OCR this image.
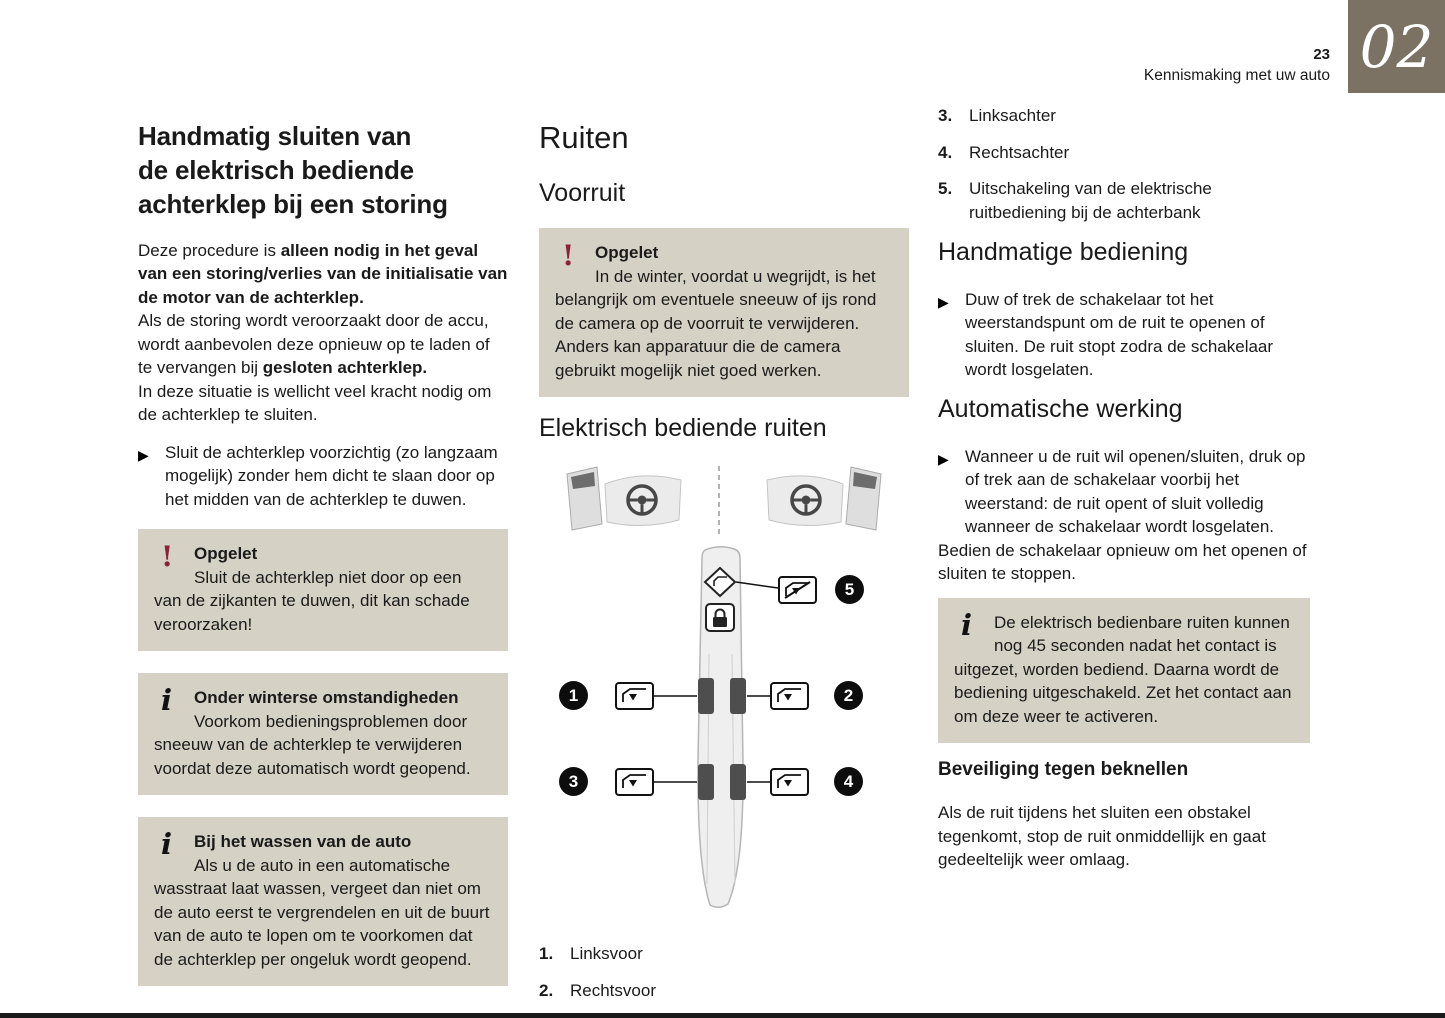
23
Kennismaking met uw auto 02
Handmatig sluiten van
de elektrisch bediende
achterklep bij een storing

Deze procedure is alleen nodig in het geval van een storing/verlies van de initialisatie van de motor van de achterklep.

Als de storing wordt veroorzaakt door de accu, wordt aanbevolen deze opnieuw op te laden of te vervangen bij gesloten achterklep.

In deze situatie is wellicht veel kracht nodig om de achterklep te sluiten.

▶ Sluit de achterklep voorzichtig (zo langzaam mogelijk) zonder hem dicht te slaan door op het midden van de achterklep te duwen.
!	Opgelet
Sluit de achterklep niet door op een van de zijkanten te duwen, dit kan schade veroorzaken!
i	Onder winterse omstandigheden
Voorkom bedieningsproblemen door sneeuw van de achterklep te verwijderen voordat deze automatisch wordt geopend.
i	Bij het wassen van de auto
Als u de auto in een automatische wasstraat laat wassen, vergeet dan niet om de auto eerst te vergrendelen en uit de buurt van de auto te lopen om te voorkomen dat de achterklep per ongeluk wordt geopend.
Ruiten
Voorruit
!	Opgelet
In de winter, voordat u wegrijdt, is het belangrijk om eventuele sneeuw of ijs rond de camera op de voorruit te verwijderen. Anders kan apparatuur die de camera gebruikt mogelijk niet goed werken.
Elektrisch bediende ruiten
1	2
3	4
5
1. Linksvoor
2. Rechtsvoor
3. Linksachter
4. Rechtsachter
5. Uitschakeling van de elektrische ruitbediening bij de achterbank
Handmatige bediening
▶ Duw of trek de schakelaar tot het weerstandspunt om de ruit te openen of sluiten. De ruit stopt zodra de schakelaar wordt losgelaten.
Automatische werking
▶ Wanneer u de ruit wil openen/sluiten, druk op of trek aan de schakelaar voorbij het weerstand: de ruit opent of sluit volledig wanneer de schakelaar wordt losgelaten.

Bedien de schakelaar opnieuw om het openen of sluiten te stoppen.

i	De elektrisch bedienbare ruiten kunnen nog 45 seconden nadat het contact is uitgezet, worden bediend. Daarna wordt de bediening uitgeschakeld. Zet het contact aan om deze weer te activeren.
Beveiliging tegen beknellen

Als de ruit tijdens het sluiten een obstakel tegenkomt, stop de ruit onmiddellijk en gaat gedeeltelijk weer omlaag.
